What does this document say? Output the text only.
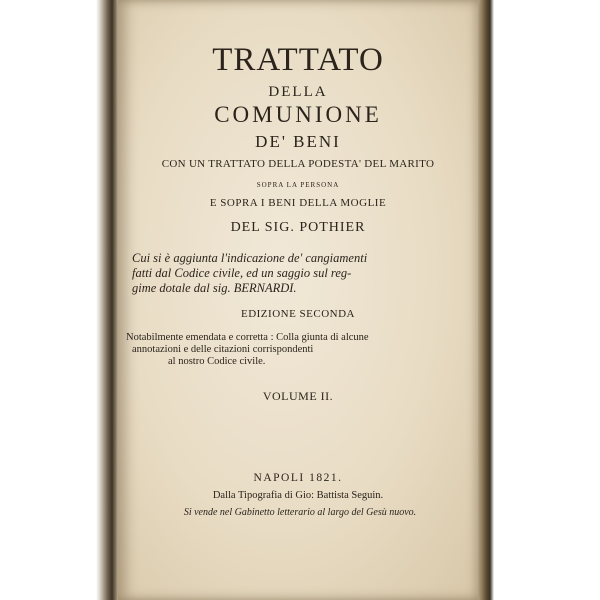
TRATTATO
DELLA
COMUNIONE
DE' BENI
CON UN TRATTATO DELLA PODESTA' DEL MARITO
SOPRA LA PERSONA
E SOPRA I BENI DELLA MOGLIE
DEL SIG. POTHIER
Cui si è aggiunta l'indicazione de' cangiamenti
fatti dal Codice civile, ed un saggio sul reg-
gime dotale dal sig. BERNARDI.
EDIZIONE SECONDA
Notabilmente emendata e corretta : Colla giunta di alcune
annotazioni e delle citazioni corrispondenti
al nostro Codice civile.
VOLUME II.
NAPOLI 1821.
Dalla Tipografia di Gio: Battista Seguin.
Si vende nel Gabinetto letterario al largo del Gesù nuovo.
